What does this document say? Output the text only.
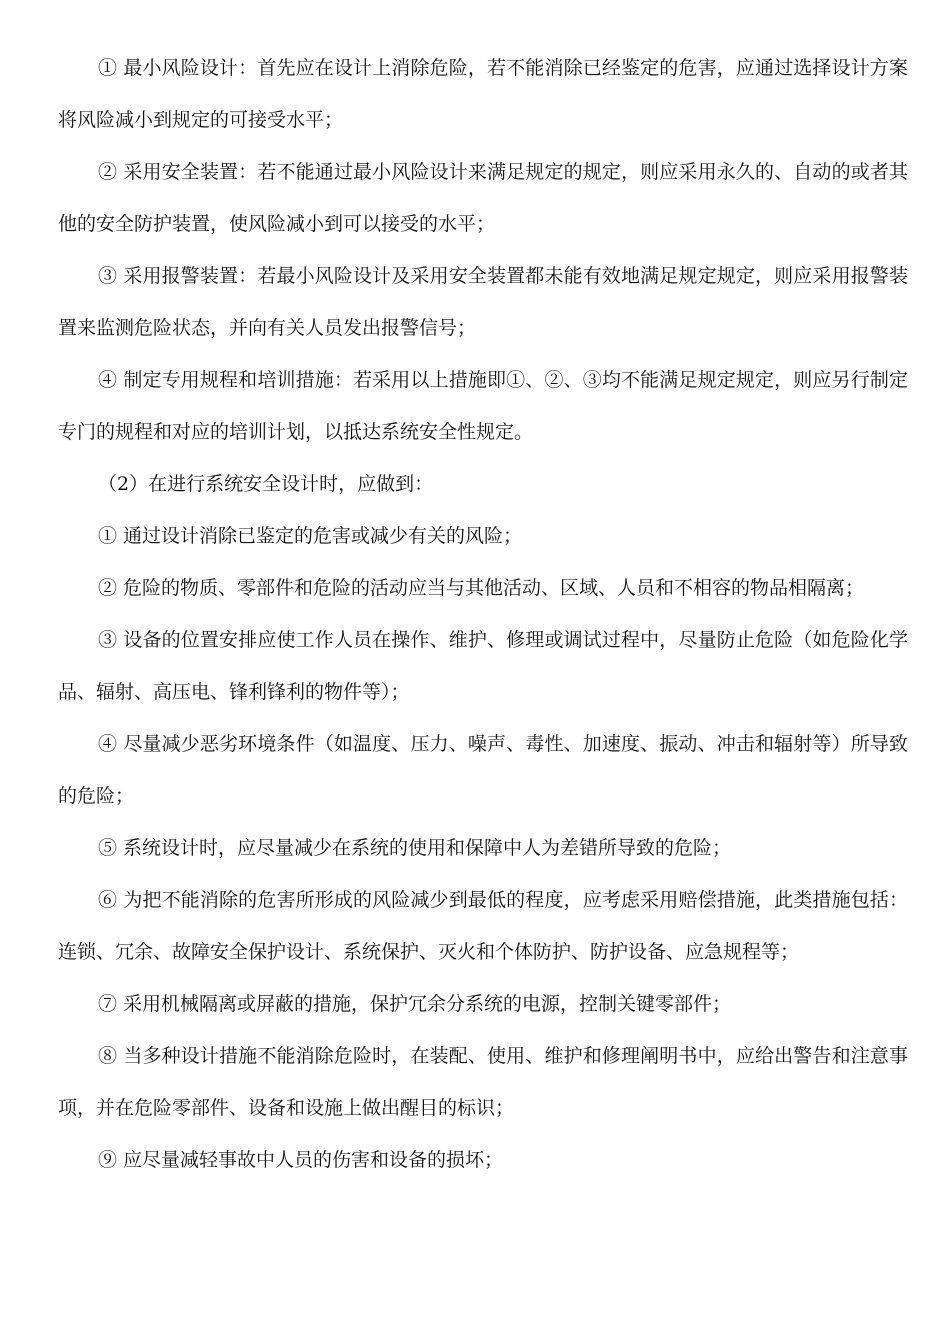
① 最小风险设计：首先应在设计上消除危险，若不能消除已经鉴定的危害，应通过选择设计方案将风险减小到规定的可接受水平；

② 采用安全装置：若不能通过最小风险设计来满足规定的规定，则应采用永久的、自动的或者其他的安全防护装置，使风险减小到可以接受的水平；

③ 采用报警装置：若最小风险设计及采用安全装置都未能有效地满足规定规定，则应采用报警装置来监测危险状态，并向有关人员发出报警信号；

④ 制定专用规程和培训措施：若采用以上措施即①、②、③均不能满足规定规定，则应另行制定专门的规程和对应的培训计划，以抵达系统安全性规定。

（2）在进行系统安全设计时，应做到：

① 通过设计消除已鉴定的危害或减少有关的风险；

② 危险的物质、零部件和危险的活动应当与其他活动、区域、人员和不相容的物品相隔离；

③ 设备的位置安排应使工作人员在操作、维护、修理或调试过程中，尽量防止危险（如危险化学品、辐射、高压电、锋利锋利的物件等）；

④ 尽量减少恶劣环境条件（如温度、压力、噪声、毒性、加速度、振动、冲击和辐射等）所导致的危险；

⑤ 系统设计时，应尽量减少在系统的使用和保障中人为差错所导致的危险；

⑥ 为把不能消除的危害所形成的风险减少到最低的程度，应考虑采用赔偿措施，此类措施包括：连锁、冗余、故障安全保护设计、系统保护、灭火和个体防护、防护设备、应急规程等；

⑦ 采用机械隔离或屏蔽的措施，保护冗余分系统的电源，控制关键零部件；

⑧ 当多种设计措施不能消除危险时，在装配、使用、维护和修理阐明书中，应给出警告和注意事项，并在危险零部件、设备和设施上做出醒目的标识；

⑨ 应尽量减轻事故中人员的伤害和设备的损坏；
